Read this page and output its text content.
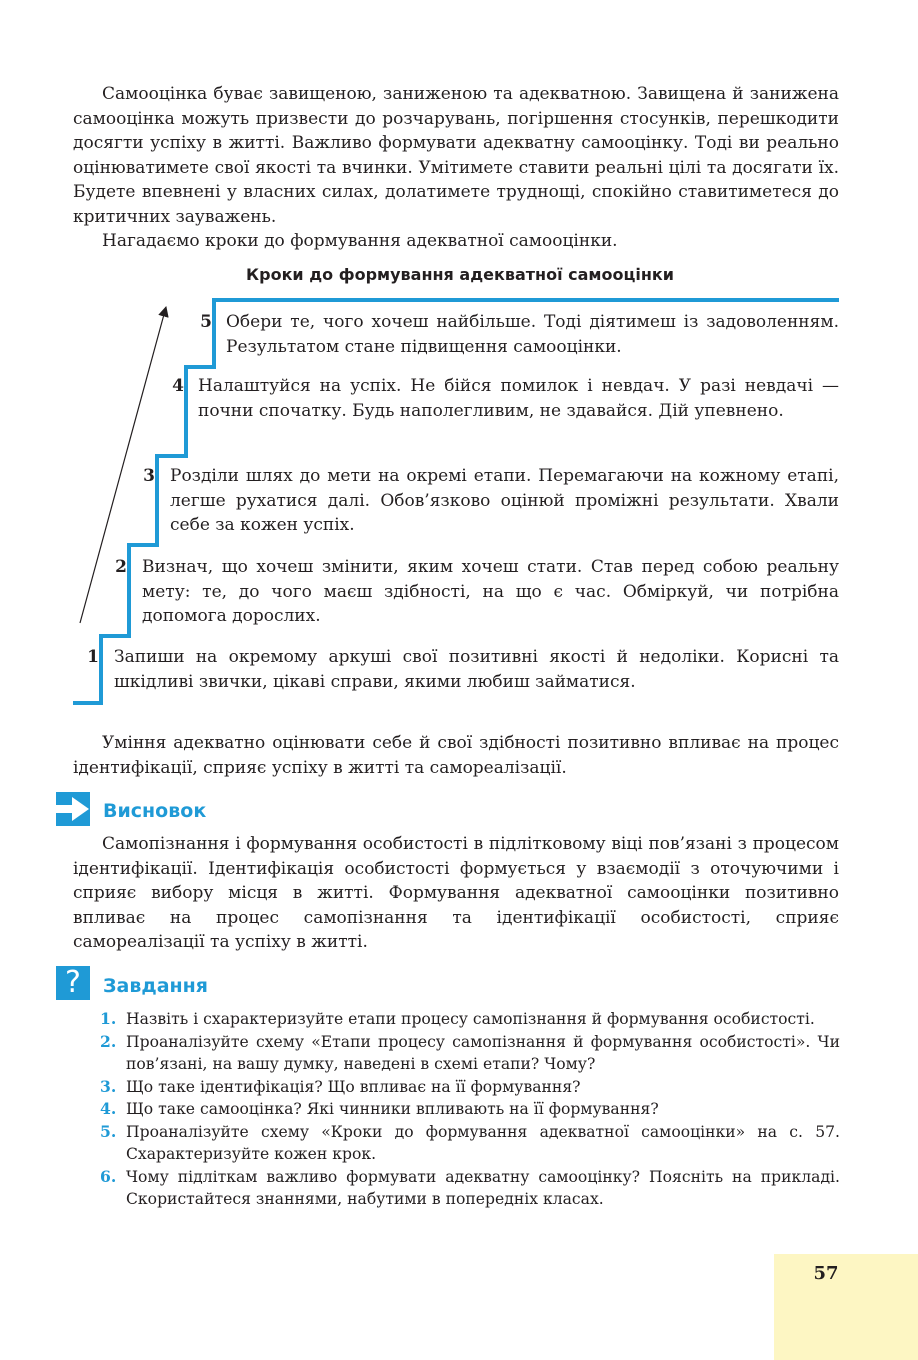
Самооцінка буває завищеною, заниженою та адекватною. Завищена й занижена самооцінка можуть призвести до розчарувань, погіршення стосунків, перешкодити досягти успіху в житті. Важливо формувати адекватну самооцінку. Тоді ви реально оцінюватимете свої якості та вчинки. Умітимете ставити реальні цілі та досягати їх. Будете впевнені у власних силах, долатимете труднощі, спокійно ставитиметеся до критичних зауважень.

Нагадаємо кроки до формування адекватної самооцінки.

Кроки до формування адекватної самооцінки

5 Обери те, чого хочеш найбільше. Тоді діятимеш із задоволенням. Результатом стане підвищення самооцінки.

4 Налаштуйся на успіх. Не бійся помилок і невдач. У разі невдачі — почни спочатку. Будь наполегливим, не здавайся. Дій упевнено.

3 Розділи шлях до мети на окремі етапи. Перемагаючи на кожному етапі, легше рухатися далі. Обов’язково оцінюй проміжні результати. Хвали себе за кожен успіх.

2 Визнач, що хочеш змінити, яким хочеш стати. Став перед собою реальну мету: те, до чого маєш здібності, на що є час. Обміркуй, чи потрібна допомога дорослих.

1 Запиши на окремому аркуші свої позитивні якості й недоліки. Корисні та шкідливі звички, цікаві справи, якими любиш займатися.

Уміння адекватно оцінювати себе й свої здібності позитивно впливає на процес ідентифікації, сприяє успіху в житті та самореалізації.

Висновок

Самопізнання і формування особистості в підлітковому віці пов’язані з процесом ідентифікації. Ідентифікація особистості формується у взаємодії з оточуючими і сприяє вибору місця в житті. Формування адекватної самооцінки позитивно впливає на процес самопізнання та ідентифікації особистості, сприяє самореалізації та успіху в житті.

?	Завдання
1. Назвіть і схарактеризуйте етапи процесу самопізнання й формування особистості.
2. Проаналізуйте схему «Етапи процесу самопізнання й формування особистості». Чи пов’язані, на вашу думку, наведені в схемі етапи? Чому?
3. Що таке ідентифікація? Що впливає на її формування?
4. Що таке самооцінка? Які чинники впливають на її формування?
5. Проаналізуйте схему «Кроки до формування адекватної самооцінки» на с. 57. Схарактеризуйте кожен крок.
6. Чому підліткам важливо формувати адекватну самооцінку? Поясніть на прикладі. Скористайтеся знаннями, набутими в попередніх класах.
57
